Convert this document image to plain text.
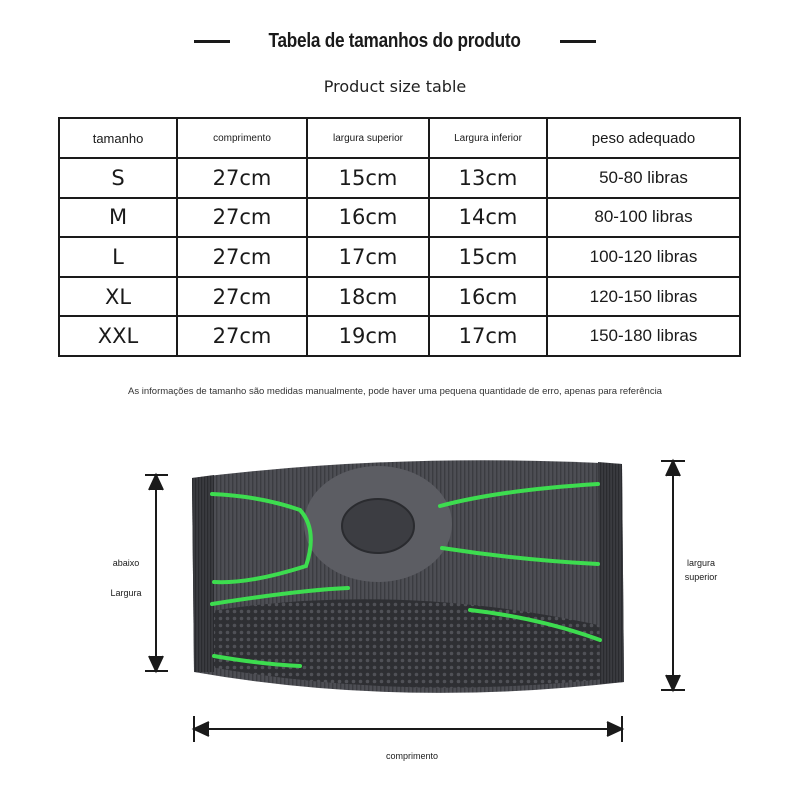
Tabela de tamanhos do produto
Product size table
tamanho	comprimento	largura superior	Largura inferior	peso adequado
S	27cm	15cm	13cm	50-80 libras
M	27cm	16cm	14cm	80-100 libras
L	27cm	17cm	15cm	100-120 libras
XL	27cm	18cm	16cm	120-150 libras
XXL	27cm	19cm	17cm	150-180 libras
As informações de tamanho são medidas manualmente, pode haver uma pequena quantidade de erro, apenas para referência
abaixo
Largura
largura
superior
comprimento
